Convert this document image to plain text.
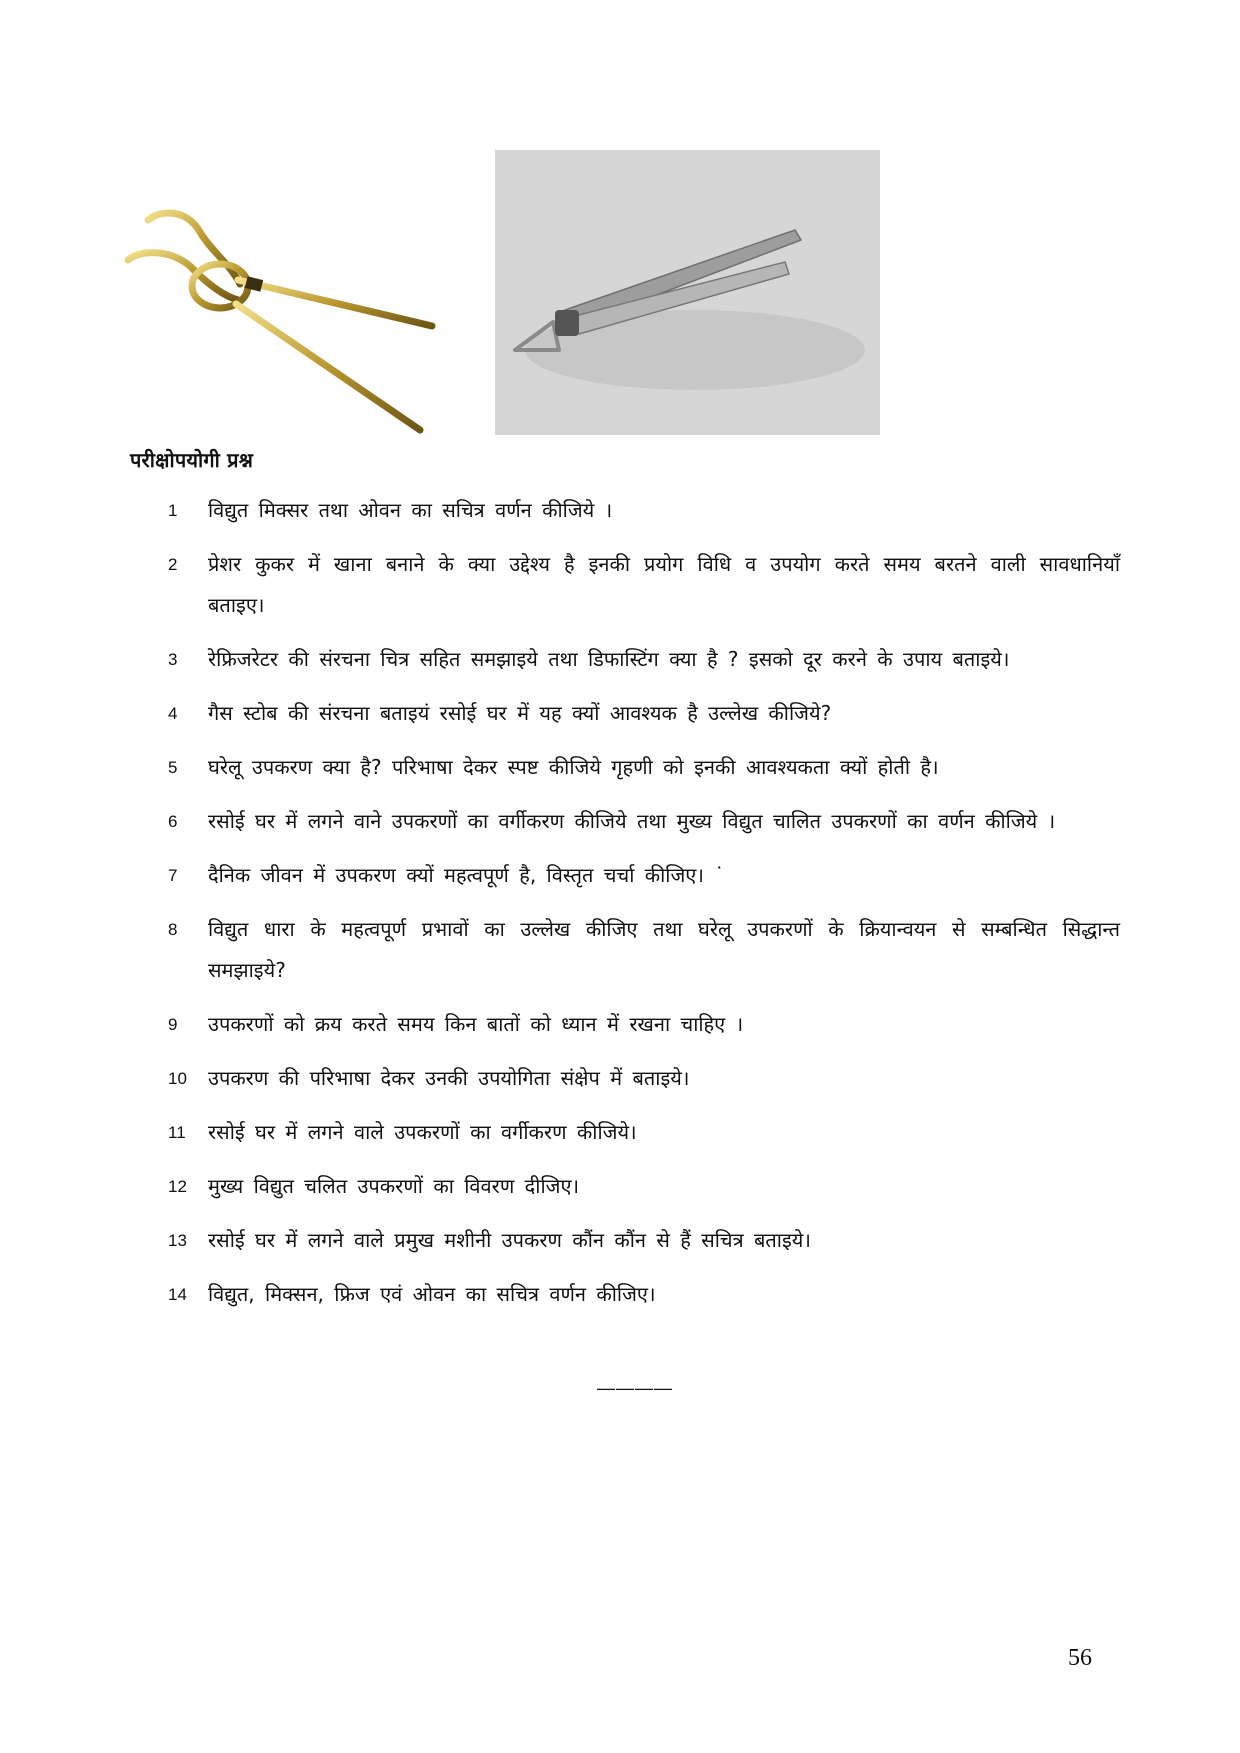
परीक्षोपयोगी प्रश्न
1	विद्युत मिक्सर तथा ओवन का सचित्र वर्णन कीजिये ।
2	प्रेशर कुकर में खाना बनाने के क्या उद्देश्य है इनकी प्रयोग विधि व उपयोग करते समय बरतने वाली सावधानियॉं बताइए।
3	रेफ्रिजरेटर की संरचना चित्र सहित समझाइये तथा डिफास्टिंग क्या है ? इसको दूर करने के उपाय बताइये।
4	गैस स्टोब की संरचना बताइयं रसोई घर में यह क्यों आवश्यक है उल्लेख कीजिये?
5	घरेलू उपकरण क्या है? परिभाषा देकर स्पष्ट कीजिये गृहणी को इनकी आवश्यकता क्यों होती है।
6	रसोई घर में लगने वाने उपकरणों का वर्गीकरण कीजिये तथा मुख्य विद्युत चालित उपकरणों का वर्णन कीजिये ।
7	दैनिक जीवन में उपकरण क्यों महत्वपूर्ण है, विस्तृत चर्चा कीजिए। ˙
8	विद्युत धारा के महत्वपूर्ण प्रभावों का उल्लेख कीजिए तथा घरेलू उपकरणों के क्रियान्वयन से सम्बन्धित सिद्धान्त समझाइये?
9	उपकरणों को क्रय करते समय किन बातों को ध्यान में रखना चाहिए ।
10	उपकरण की परिभाषा देकर उनकी उपयोगिता संक्षेप में बताइये।
11	रसोई घर में लगने वाले उपकरणों का वर्गीकरण कीजिये।
12	मुख्य विद्युत चलित उपकरणों का विवरण दीजिए।
13	रसोई घर में लगने वाले प्रमुख मशीनी उपकरण कौंन कौंन से हैं सचित्र बताइये।
14	विद्युत, मिक्सन, फ्रिज एवं ओवन का सचित्र वर्णन कीजिए।
————
56
